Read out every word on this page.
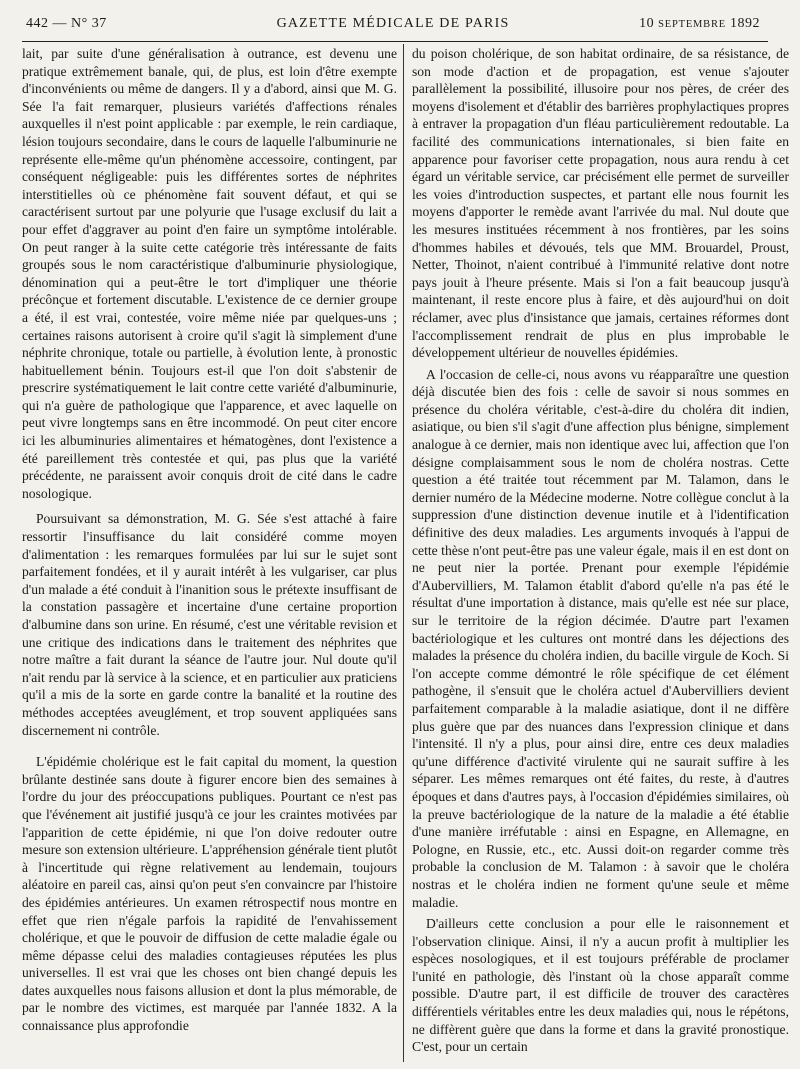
442 — N° 37	GAZETTE MÉDICALE DE PARIS	10 SEPTEMBRE 1892

lait, par suite d'une généralisation à outrance, est devenu une pratique extrêmement banale, qui, de plus, est loin d'être exempte d'inconvénients ou même de dangers. Il y a d'abord, ainsi que M. G. Sée l'a fait remarquer, plusieurs variétés d'affections rénales auxquelles il n'est point applicable : par exemple, le rein cardiaque, lésion toujours secondaire, dans le cours de laquelle l'albuminurie ne représente elle-même qu'un phénomène accessoire, contingent, par conséquent négligeable: puis les différentes sortes de néphrites interstitielles où ce phénomène fait souvent défaut, et qui se caractérisent surtout par une polyurie que l'usage exclusif du lait a pour effet d'aggraver au point d'en faire un symptôme intolérable. On peut ranger à la suite cette catégorie très intéressante de faits groupés sous le nom caractéristique d'albuminurie physiologique, dénomination qui a peut-être le tort d'impliquer une théorie précônçue et fortement discutable. L'existence de ce dernier groupe a été, il est vrai, contestée, voire même niée par quelques-uns ; certaines raisons autorisent à croire qu'il s'agit là simplement d'une néphrite chronique, totale ou partielle, à évolution lente, à pronostic habituellement bénin. Toujours est-il que l'on doit s'abstenir de prescrire systématiquement le lait contre cette variété d'albuminurie, qui n'a guère de pathologique que l'apparence, et avec laquelle on peut vivre longtemps sans en être incommodé. On peut citer encore ici les albuminuries alimentaires et hématogènes, dont l'existence a été pareillement très contestée et qui, pas plus que la variété précédente, ne paraissent avoir conquis droit de cité dans le cadre nosologique.

Poursuivant sa démonstration, M. G. Sée s'est attaché à faire ressortir l'insuffisance du lait considéré comme moyen d'alimentation : les remarques formulées par lui sur le sujet sont parfaitement fondées, et il y aurait intérêt à les vulgariser, car plus d'un malade a été conduit à l'inanition sous le prétexte insuffisant de la constation passagère et incertaine d'une certaine proportion d'albumine dans son urine. En résumé, c'est une véritable revision et une critique des indications dans le traitement des néphrites que notre maître a fait durant la séance de l'autre jour. Nul doute qu'il n'ait rendu par là service à la science, et en particulier aux praticiens qu'il a mis de la sorte en garde contre la banalité et la routine des méthodes acceptées aveuglément, et trop souvent appliquées sans discernement ni contrôle.

L'épidémie cholérique est le fait capital du moment, la question brûlante destinée sans doute à figurer encore bien des semaines à l'ordre du jour des préoccupations publiques. Pourtant ce n'est pas que l'événement ait justifié jusqu'à ce jour les craintes motivées par l'apparition de cette épidémie, ni que l'on doive redouter outre mesure son extension ultérieure. L'appréhension générale tient plutôt à l'incertitude qui règne relativement au lendemain, toujours aléatoire en pareil cas, ainsi qu'on peut s'en convaincre par l'histoire des épidémies antérieures. Un examen rétrospectif nous montre en effet que rien n'égale parfois la rapidité de l'envahissement cholérique, et que le pouvoir de diffusion de cette maladie égale ou même dépasse celui des maladies contagieuses réputées les plus universelles. Il est vrai que les choses ont bien changé depuis les dates auxquelles nous faisons allusion et dont la plus mémorable, de par le nombre des victimes, est marquée par l'année 1832. A la connaissance plus approfondie

du poison cholérique, de son habitat ordinaire, de sa résistance, de son mode d'action et de propagation, est venue s'ajouter parallèlement la possibilité, illusoire pour nos pères, de créer des moyens d'isolement et d'établir des barrières prophylactiques propres à entraver la propagation d'un fléau particulièrement redoutable. La facilité des communications internationales, si bien faite en apparence pour favoriser cette propagation, nous aura rendu à cet égard un véritable service, car précisément elle permet de surveiller les voies d'introduction suspectes, et partant elle nous fournit les moyens d'apporter le remède avant l'arrivée du mal. Nul doute que les mesures instituées récemment à nos frontières, par les soins d'hommes habiles et dévoués, tels que MM. Brouardel, Proust, Netter, Thoinot, n'aient contribué à l'immunité relative dont notre pays jouit à l'heure présente. Mais si l'on a fait beaucoup jusqu'à maintenant, il reste encore plus à faire, et dès aujourd'hui on doit réclamer, avec plus d'insistance que jamais, certaines réformes dont l'accomplissement rendrait de plus en plus improbable le développement ultérieur de nouvelles épidémies.

A l'occasion de celle-ci, nous avons vu réapparaître une question déjà discutée bien des fois : celle de savoir si nous sommes en présence du choléra véritable, c'est-à-dire du choléra dit indien, asiatique, ou bien s'il s'agit d'une affection plus bénigne, simplement analogue à ce dernier, mais non identique avec lui, affection que l'on désigne complaisamment sous le nom de choléra nostras. Cette question a été traitée tout récemment par M. Talamon, dans le dernier numéro de la Médecine moderne. Notre collègue conclut à la suppression d'une distinction devenue inutile et à l'identification définitive des deux maladies. Les arguments invoqués à l'appui de cette thèse n'ont peut-être pas une valeur égale, mais il en est dont on ne peut nier la portée. Prenant pour exemple l'épidémie d'Aubervilliers, M. Talamon établit d'abord qu'elle n'a pas été le résultat d'une importation à distance, mais qu'elle est née sur place, sur le territoire de la région décimée. D'autre part l'examen bactériologique et les cultures ont montré dans les déjections des malades la présence du choléra indien, du bacille virgule de Koch. Si l'on accepte comme démontré le rôle spécifique de cet élément pathogène, il s'ensuit que le choléra actuel d'Aubervilliers devient parfaitement comparable à la maladie asiatique, dont il ne diffère plus guère que par des nuances dans l'expression clinique et dans l'intensité. Il n'y a plus, pour ainsi dire, entre ces deux maladies qu'une différence d'activité virulente qui ne saurait suffire à les séparer. Les mêmes remarques ont été faites, du reste, à d'autres époques et dans d'autres pays, à l'occasion d'épidémies similaires, où la preuve bactériologique de la nature de la maladie a été établie d'une manière irréfutable : ainsi en Espagne, en Allemagne, en Pologne, en Russie, etc., etc. Aussi doit-on regarder comme très probable la conclusion de M. Talamon : à savoir que le choléra nostras et le choléra indien ne forment qu'une seule et même maladie.

D'ailleurs cette conclusion a pour elle le raisonnement et l'observation clinique. Ainsi, il n'y a aucun profit à multiplier les espèces nosologiques, et il est toujours préférable de proclamer l'unité en pathologie, dès l'instant où la chose apparaît comme possible. D'autre part, il est difficile de trouver des caractères différentiels véritables entre les deux maladies qui, nous le répétons, ne diffèrent guère que dans la forme et dans la gravité pronostique. C'est, pour un certain
